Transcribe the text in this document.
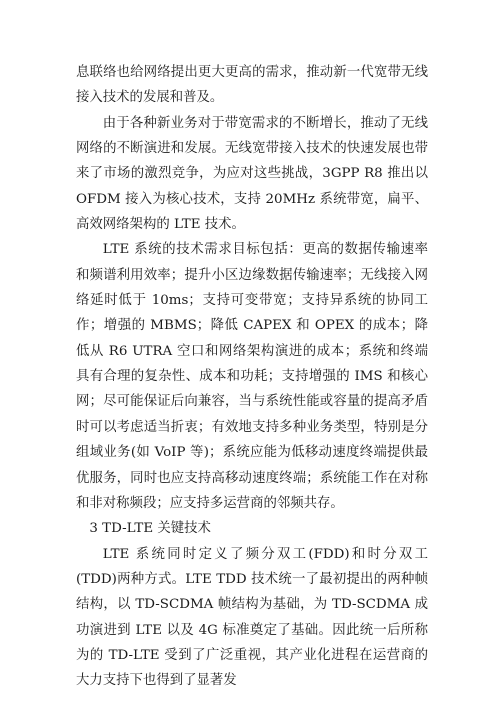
息联络也给网络提出更大更高的需求，推动新一代宽带无线接入技术的发展和普及。

由于各种新业务对于带宽需求的不断增长，推动了无线网络的不断演进和发展。无线宽带接入技术的快速发展也带来了市场的激烈竞争，为应对这些挑战，3GPP R8 推出以 OFDM 接入为核心技术，支持 20MHz 系统带宽，扁平、高效网络架构的 LTE 技术。

LTE 系统的技术需求目标包括：更高的数据传输速率和频谱利用效率；提升小区边缘数据传输速率；无线接入网络延时低于 10ms；支持可变带宽；支持异系统的协同工作；增强的 MBMS；降低 CAPEX 和 OPEX 的成本；降低从 R6 UTRA 空口和网络架构演进的成本；系统和终端具有合理的复杂性、成本和功耗；支持增强的 IMS 和核心网；尽可能保证后向兼容，当与系统性能或容量的提高矛盾时可以考虑适当折衷；有效地支持多种业务类型，特别是分组域业务(如 VoIP 等)；系统应能为低移动速度终端提供最优服务，同时也应支持高移动速度终端；系统能工作在对称和非对称频段；应支持多运营商的邻频共存。

3 TD-LTE 关键技术

LTE 系统同时定义了频分双工(FDD)和时分双工(TDD)两种方式。LTE TDD 技术统一了最初提出的两种帧结构，以 TD-SCDMA 帧结构为基础，为 TD-SCDMA 成功演进到 LTE 以及 4G 标准奠定了基础。因此统一后所称为的 TD-LTE 受到了广泛重视，其产业化进程在运营商的大力支持下也得到了显著发
